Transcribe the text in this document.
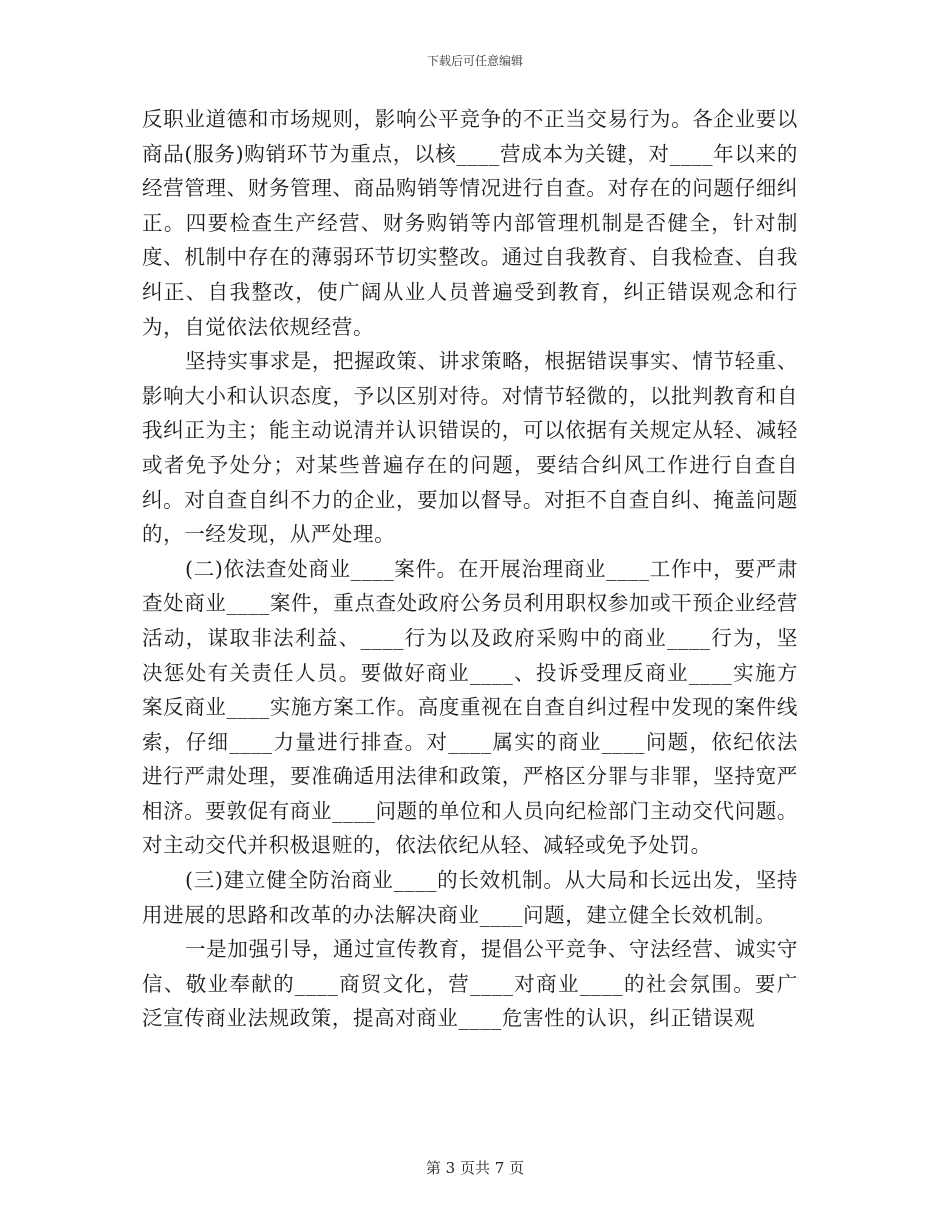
下载后可任意编辑

反职业道德和市场规则，影响公平竞争的不正当交易行为。各企业要以商品(服务)购销环节为重点，以核____营成本为关键，对____年以来的经营管理、财务管理、商品购销等情况进行自查。对存在的问题仔细纠正。四要检查生产经营、财务购销等内部管理机制是否健全，针对制度、机制中存在的薄弱环节切实整改。通过自我教育、自我检查、自我纠正、自我整改，使广阔从业人员普遍受到教育，纠正错误观念和行为，自觉依法依规经营。

坚持实事求是，把握政策、讲求策略，根据错误事实、情节轻重、影响大小和认识态度，予以区别对待。对情节轻微的，以批判教育和自我纠正为主；能主动说清并认识错误的，可以依据有关规定从轻、减轻或者免予处分；对某些普遍存在的问题，要结合纠风工作进行自查自纠。对自查自纠不力的企业，要加以督导。对拒不自查自纠、掩盖问题的，一经发现，从严处理。

(二)依法查处商业____案件。在开展治理商业____工作中，要严肃查处商业____案件，重点查处政府公务员利用职权参加或干预企业经营活动，谋取非法利益、____行为以及政府采购中的商业____行为，坚决惩处有关责任人员。要做好商业____、投诉受理反商业____实施方案反商业____实施方案工作。高度重视在自查自纠过程中发现的案件线索，仔细____力量进行排查。对____属实的商业____问题，依纪依法进行严肃处理，要准确适用法律和政策，严格区分罪与非罪，坚持宽严相济。要敦促有商业____问题的单位和人员向纪检部门主动交代问题。对主动交代并积极退赃的，依法依纪从轻、减轻或免予处罚。

(三)建立健全防治商业____的长效机制。从大局和长远出发，坚持用进展的思路和改革的办法解决商业____问题，建立健全长效机制。

一是加强引导，通过宣传教育，提倡公平竞争、守法经营、诚实守信、敬业奉献的____商贸文化，营____对商业____的社会氛围。要广泛宣传商业法规政策，提高对商业____危害性的认识，纠正错误观

第 3 页共 7 页
